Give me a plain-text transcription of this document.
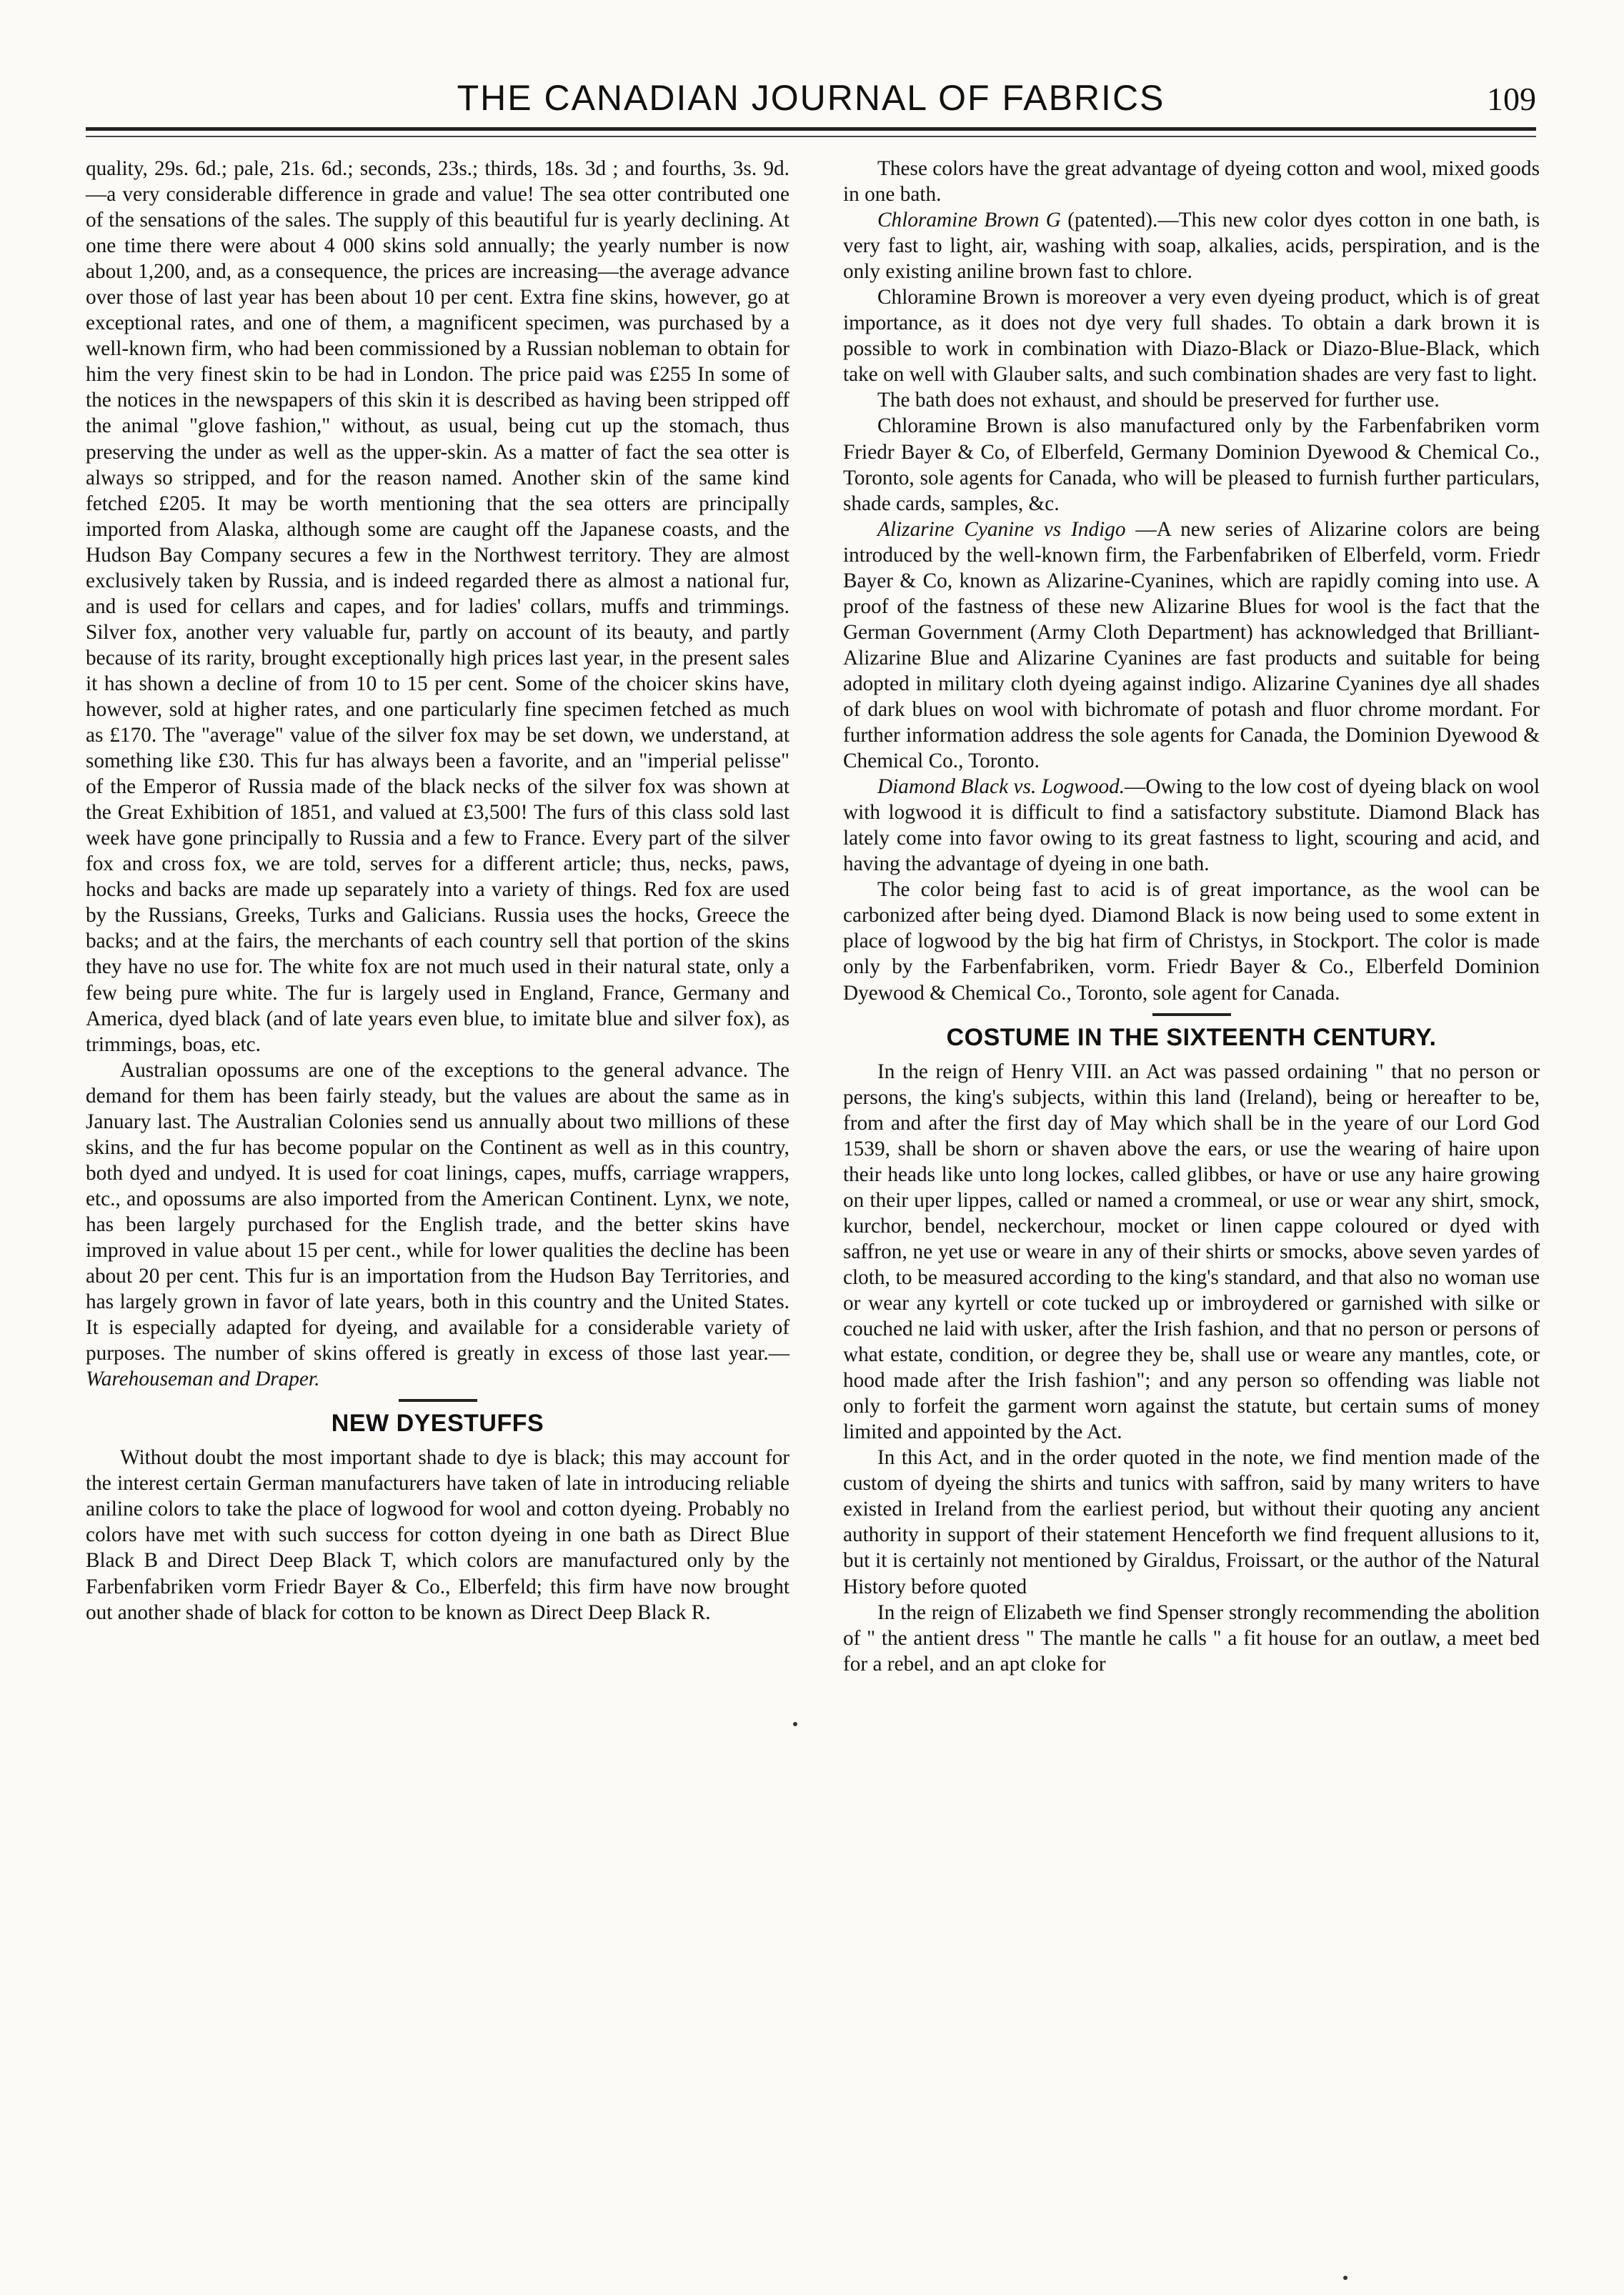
THE CANADIAN JOURNAL OF FABRICS	109

quality, 29s. 6d.; pale, 21s. 6d.; seconds, 23s.; thirds, 18s. 3d ; and fourths, 3s. 9d.—a very considerable difference in grade and value! The sea otter contributed one of the sensations of the sales. The supply of this beautiful fur is yearly declining. At one time there were about 4 000 skins sold annually; the yearly number is now about 1,200, and, as a consequence, the prices are increasing—the average advance over those of last year has been about 10 per cent. Extra fine skins, however, go at exceptional rates, and one of them, a magnificent specimen, was purchased by a well-known firm, who had been commissioned by a Russian nobleman to obtain for him the very finest skin to be had in London. The price paid was £255 In some of the notices in the newspapers of this skin it is described as having been stripped off the animal "glove fashion," without, as usual, being cut up the stomach, thus preserving the under as well as the upper-skin. As a matter of fact the sea otter is always so stripped, and for the reason named. Another skin of the same kind fetched £205. It may be worth mentioning that the sea otters are principally imported from Alaska, although some are caught off the Japanese coasts, and the Hudson Bay Company secures a few in the Northwest territory. They are almost exclusively taken by Russia, and is indeed regarded there as almost a national fur, and is used for cellars and capes, and for ladies' collars, muffs and trimmings. Silver fox, another very valuable fur, partly on account of its beauty, and partly because of its rarity, brought exceptionally high prices last year, in the present sales it has shown a decline of from 10 to 15 per cent. Some of the choicer skins have, however, sold at higher rates, and one particularly fine specimen fetched as much as £170. The "average" value of the silver fox may be set down, we understand, at something like £30. This fur has always been a favorite, and an "imperial pelisse" of the Emperor of Russia made of the black necks of the silver fox was shown at the Great Exhibition of 1851, and valued at £3,500! The furs of this class sold last week have gone principally to Russia and a few to France. Every part of the silver fox and cross fox, we are told, serves for a different article; thus, necks, paws, hocks and backs are made up separately into a variety of things. Red fox are used by the Russians, Greeks, Turks and Galicians. Russia uses the hocks, Greece the backs; and at the fairs, the merchants of each country sell that portion of the skins they have no use for. The white fox are not much used in their natural state, only a few being pure white. The fur is largely used in England, France, Germany and America, dyed black (and of late years even blue, to imitate blue and silver fox), as trimmings, boas, etc.

Australian opossums are one of the exceptions to the general advance. The demand for them has been fairly steady, but the values are about the same as in January last. The Australian Colonies send us annually about two millions of these skins, and the fur has become popular on the Continent as well as in this country, both dyed and undyed. It is used for coat linings, capes, muffs, carriage wrappers, etc., and opossums are also imported from the American Continent. Lynx, we note, has been largely purchased for the English trade, and the better skins have improved in value about 15 per cent., while for lower qualities the decline has been about 20 per cent. This fur is an importation from the Hudson Bay Territories, and has largely grown in favor of late years, both in this country and the United States. It is especially adapted for dyeing, and available for a considerable variety of purposes. The number of skins offered is greatly in excess of those last year.—Warehouseman and Draper.

NEW DYESTUFFS

Without doubt the most important shade to dye is black; this may account for the interest certain German manufacturers have taken of late in introducing reliable aniline colors to take the place of logwood for wool and cotton dyeing. Probably no colors have met with such success for cotton dyeing in one bath as Direct Blue Black B and Direct Deep Black T, which colors are manufactured only by the Farbenfabriken vorm Friedr Bayer & Co., Elberfeld; this firm have now brought out another shade of black for cotton to be known as Direct Deep Black R.

These colors have the great advantage of dyeing cotton and wool, mixed goods in one bath.

Chloramine Brown G (patented).—This new color dyes cotton in one bath, is very fast to light, air, washing with soap, alkalies, acids, perspiration, and is the only existing aniline brown fast to chlore.

Chloramine Brown is moreover a very even dyeing product, which is of great importance, as it does not dye very full shades. To obtain a dark brown it is possible to work in combination with Diazo-Black or Diazo-Blue-Black, which take on well with Glauber salts, and such combination shades are very fast to light.

The bath does not exhaust, and should be preserved for further use.

Chloramine Brown is also manufactured only by the Farbenfabriken vorm Friedr Bayer & Co, of Elberfeld, Germany Dominion Dyewood & Chemical Co., Toronto, sole agents for Canada, who will be pleased to furnish further particulars, shade cards, samples, &c.

Alizarine Cyanine vs Indigo —A new series of Alizarine colors are being introduced by the well-known firm, the Farbenfabriken of Elberfeld, vorm. Friedr Bayer & Co, known as Alizarine-Cyanines, which are rapidly coming into use. A proof of the fastness of these new Alizarine Blues for wool is the fact that the German Government (Army Cloth Department) has acknowledged that Brilliant-Alizarine Blue and Alizarine Cyanines are fast products and suitable for being adopted in military cloth dyeing against indigo. Alizarine Cyanines dye all shades of dark blues on wool with bichromate of potash and fluor chrome mordant. For further information address the sole agents for Canada, the Dominion Dyewood & Chemical Co., Toronto.

Diamond Black vs. Logwood.—Owing to the low cost of dyeing black on wool with logwood it is difficult to find a satisfactory substitute. Diamond Black has lately come into favor owing to its great fastness to light, scouring and acid, and having the advantage of dyeing in one bath.

The color being fast to acid is of great importance, as the wool can be carbonized after being dyed. Diamond Black is now being used to some extent in place of logwood by the big hat firm of Christys, in Stockport. The color is made only by the Farbenfabriken, vorm. Friedr Bayer & Co., Elberfeld Dominion Dyewood & Chemical Co., Toronto, sole agent for Canada.

COSTUME IN THE SIXTEENTH CENTURY.

In the reign of Henry VIII. an Act was passed ordaining " that no person or persons, the king's subjects, within this land (Ireland), being or hereafter to be, from and after the first day of May which shall be in the yeare of our Lord God 1539, shall be shorn or shaven above the ears, or use the wearing of haire upon their heads like unto long lockes, called glibbes, or have or use any haire growing on their uper lippes, called or named a crommeal, or use or wear any shirt, smock, kurchor, bendel, neckerchour, mocket or linen cappe coloured or dyed with saffron, ne yet use or weare in any of their shirts or smocks, above seven yardes of cloth, to be measured according to the king's standard, and that also no woman use or wear any kyrtell or cote tucked up or imbroydered or garnished with silke or couched ne laid with usker, after the Irish fashion, and that no person or persons of what estate, condition, or degree they be, shall use or weare any mantles, cote, or hood made after the Irish fashion"; and any person so offending was liable not only to forfeit the garment worn against the statute, but certain sums of money limited and appointed by the Act.

In this Act, and in the order quoted in the note, we find mention made of the custom of dyeing the shirts and tunics with saffron, said by many writers to have existed in Ireland from the earliest period, but without their quoting any ancient authority in support of their statement Henceforth we find frequent allusions to it, but it is certainly not mentioned by Giraldus, Froissart, or the author of the Natural History before quoted

In the reign of Elizabeth we find Spenser strongly recommending the abolition of " the antient dress " The mantle he calls " a fit house for an outlaw, a meet bed for a rebel, and an apt cloke for
